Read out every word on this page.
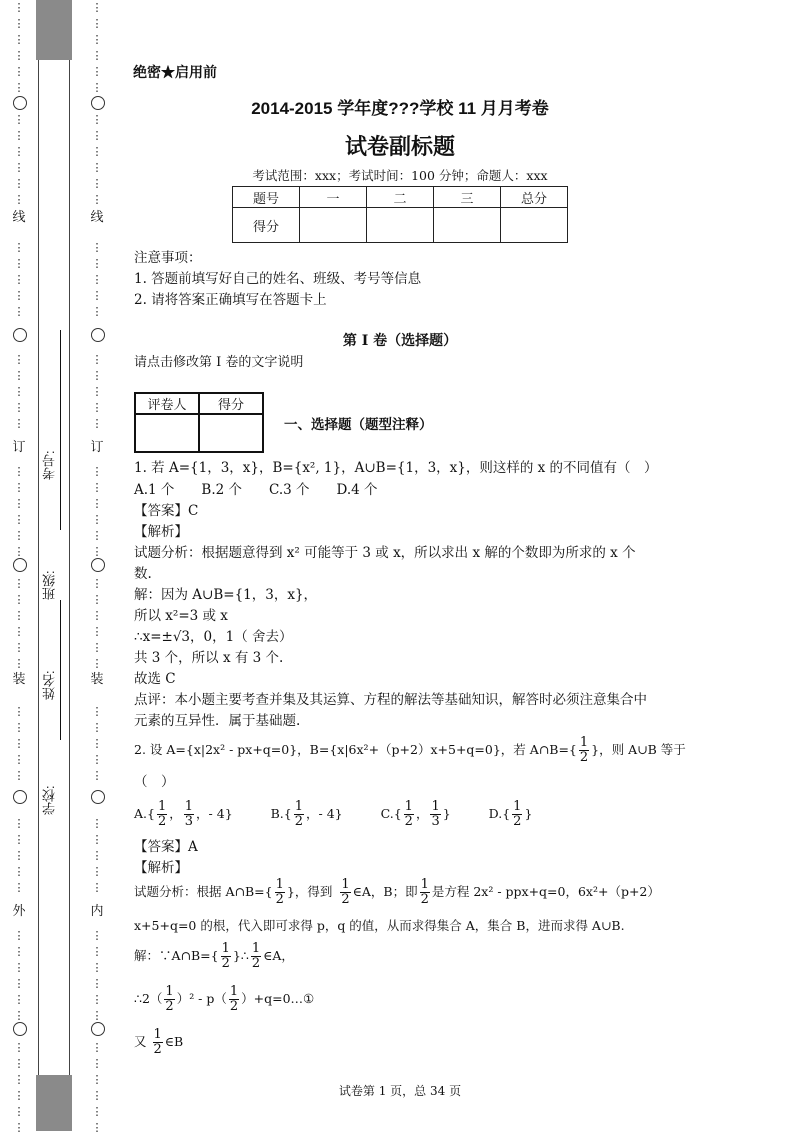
学校:
姓名:
班级:
考号:
⋮
⋮
⋮
⋮
⋮
⋮
⋮
⋮
⋮
⋮
⋮
⋮
⋮
⋮
⋮
⋮
⋮
⋮
⋮
⋮
⋮
⋮
⋮
⋮
⋮
⋮
⋮
⋮
⋮
⋮
⋮
⋮
⋮
⋮
⋮
⋮
⋮
⋮
⋮
⋮
⋮
⋮
⋮
⋮
⋮
⋮
⋮
⋮
⋮
⋮
⋮
⋮
⋮
⋮
⋮
⋮
线
订
装
外
⋮
⋮
⋮
⋮
⋮
⋮
⋮
⋮
⋮
⋮
⋮
⋮
⋮
⋮
⋮
⋮
⋮
⋮
⋮
⋮
⋮
⋮
⋮
⋮
⋮
⋮
⋮
⋮
⋮
⋮
⋮
⋮
⋮
⋮
⋮
⋮
⋮
⋮
⋮
⋮
⋮
⋮
⋮
⋮
⋮
⋮
⋮
⋮
⋮
⋮
⋮
⋮
⋮
⋮
⋮
⋮
线
订
装
内
绝密★启用前
2014-2015 学年度???学校 11 月月考卷
试卷副标题
考试范围：xxx；考试时间：100 分钟；命题人：xxx
题号	一	二	三	总分
得分				
注意事项：
1. 答题前填写好自己的姓名、班级、考号等信息
2. 请将答案正确填写在答题卡上
第 I 卷（选择题）
请点击修改第 I 卷的文字说明
评卷人	得分

一、选择题（题型注释）
1. 若 A={1，3，x}，B={x², 1}，A∪B={1，3，x}，则这样的 x 的不同值有（　）
A.1 个　　B.2 个　　C.3 个　　D.4 个
【答案】C
【解析】
试题分析：根据题意得到 x² 可能等于 3 或 x，所以求出 x 解的个数即为所求的 x 个
数.
解：因为 A∪B={1，3，x}，
所以 x²=3 或 x
∴x=±√3，0，1（ 舍去）
共 3 个，所以 x 有 3 个.
故选 C
点评：本小题主要考查并集及其运算、方程的解法等基础知识，解答时必须注意集合中
元素的互异性．属于基础题.
2. 设 A={x|2x² - px+q=0}，B={x|6x²+（p+2）x+5+q=0}，若 A∩B={ $\frac{1}{2}$ }，则 A∪B 等于
（　）
$A.\{ \frac{1}{2}$ ， $\frac{1}{3}$ ，- 4}	$B.\{ \frac{1}{2}$ ，- 4}	$C.\{ \frac{1}{2}$ ， $\frac{1}{3}$ }	$D.\{ \frac{1}{2}$ }
【答案】A
【解析】
试题分析：根据 A∩B={ $\frac{1}{2}$ }，得到 $\frac{1}{2}$ ∈A，B；即 $\frac{1}{2}$ 是方程 2x² - ppx+q=0，6x²+（p+2）
x+5+q=0 的根，代入即可求得 p，q 的值，从而求得集合 A，集合 B，进而求得 A∪B.
解：∵A∩B={ $\frac{1}{2}$ }∴ $\frac{1}{2}$ ∈A，
∴2（ $\frac{1}{2} )^2 - p( \frac{1}{2}$ ）+q=0…①
又 $\frac{1}{2}$ ∈B
试卷第 1 页，总 34 页
